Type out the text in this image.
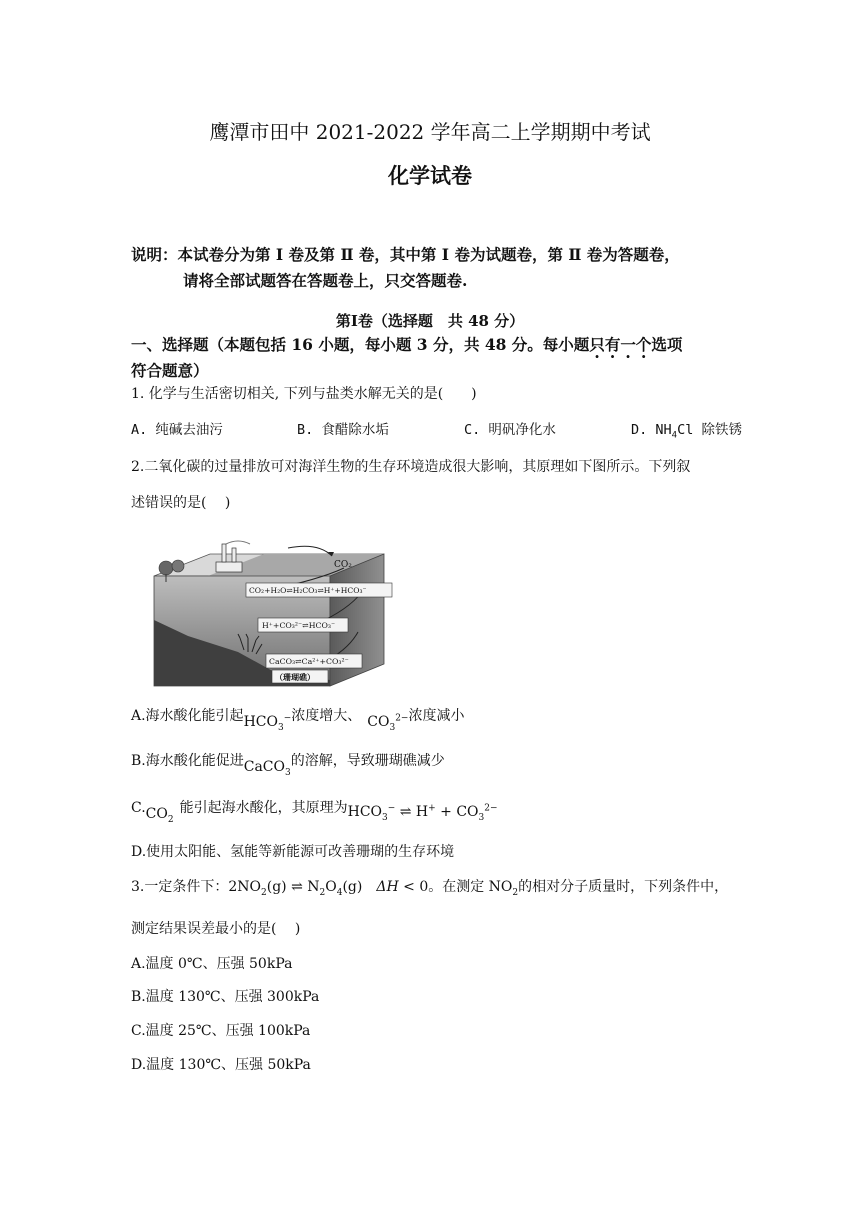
鹰潭市田中 2021-2022 学年高二上学期期中考试
化学试卷
说明：本试卷分为第 Ⅰ 卷及第 Ⅱ 卷，其中第 Ⅰ 卷为试题卷，第 Ⅱ 卷为答题卷，
请将全部试题答在答题卷上，只交答题卷.
第Ⅰ卷（选择题　共 48 分）
一、选择题（本题包括 16 小题，每小题 3 分，共 48 分。每小题只有一个选项
符合题意）
1. 化学与生活密切相关, 下列与盐类水解无关的是(　　)
A. 纯碱去油污	B. 食醋除水垢	C. 明矾净化水	D. $NH_4Cl$ 除铁锈
2.二氧化碳的过量排放可对海洋生物的生存环境造成很大影响，其原理如下图所示。下列叙
述错误的是(　 )
CO₂
CO₂+H₂O⇌H₂CO₃⇌H⁺+HCO₃⁻
H⁺+CO₃²⁻⇌HCO₃⁻
CaCO₃⇌Ca²⁺+CO₃²⁻
（珊瑚礁）
A.海水酸化能引起$HCO_3^-$浓度增大、 $CO_3^{2-}$浓度减小
B.海水酸化能促进CaCO$_3$的溶解，导致珊瑚礁减少
$C.CO_2$能引起海水酸化，其原理为$HCO_3^-$ ⇌ $H^+ + CO_3^{2-}$
D.使用太阳能、氢能等新能源可改善珊瑚的生存环境
3.一定条件下：$2NO_2(g)$ ⇌ $N_2O_4(g)$　ΔH < 0。在测定 $NO_2$的相对分子质量时，下列条件中，
测定结果误差最小的是(　 )
A.温度 0℃、压强 50kPa
B.温度 130℃、压强 300kPa
C.温度 25℃、压强 100kPa
D.温度 130℃、压强 50kPa
